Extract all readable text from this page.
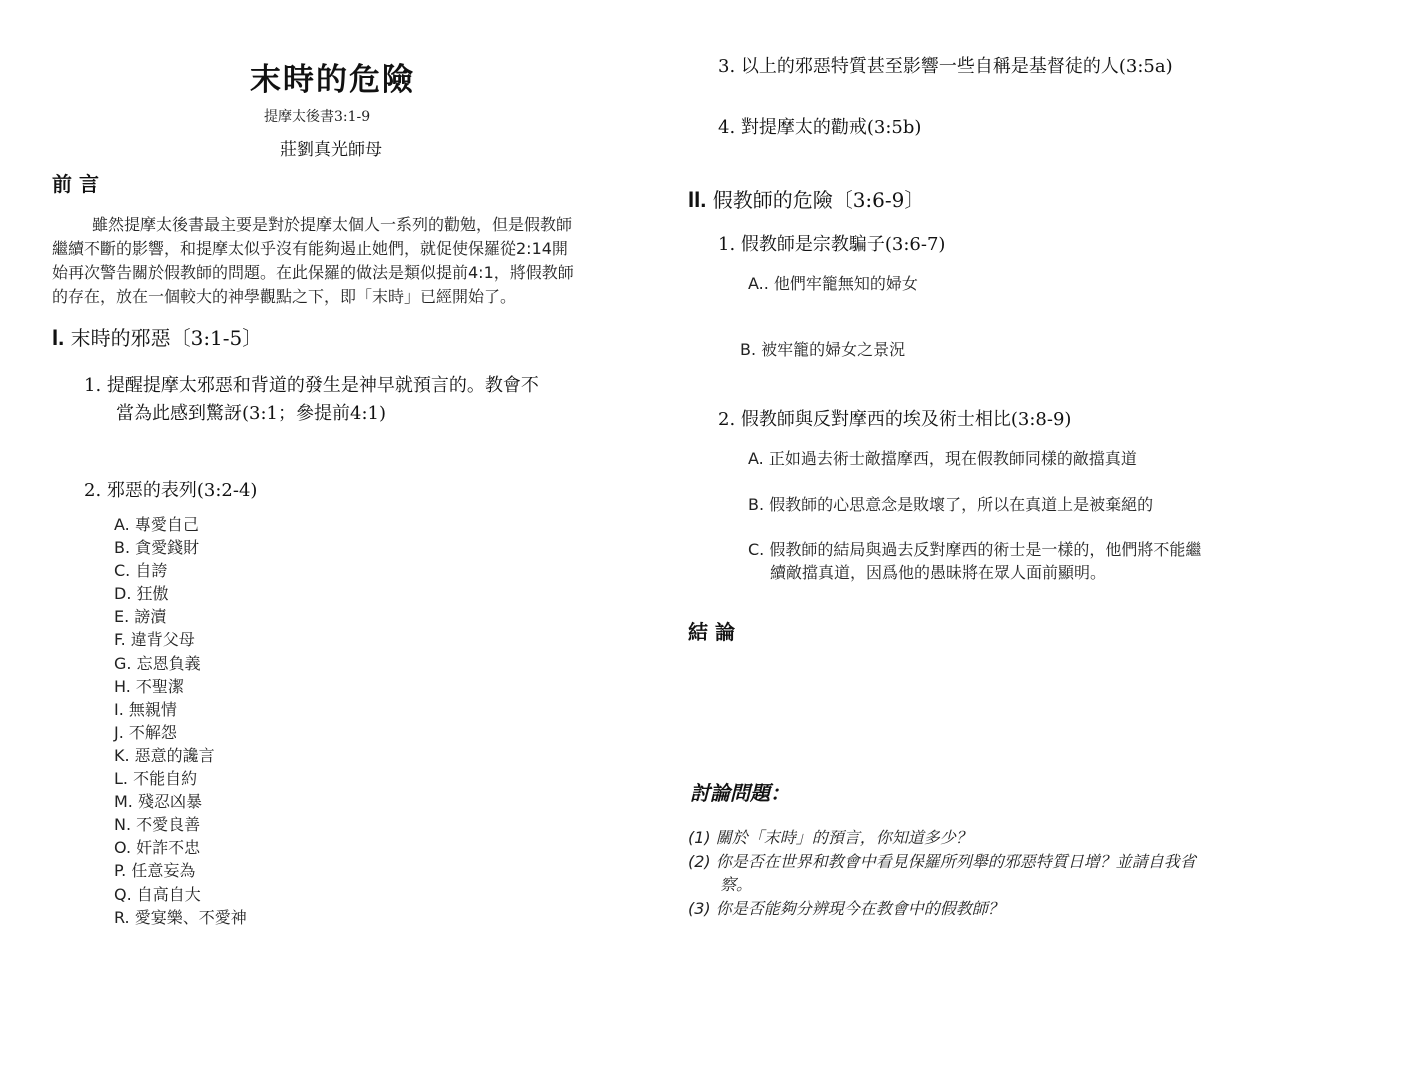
末時的危險
提摩太後書3:1-9
莊劉真光師母
前 言
雖然提摩太後書最主要是對於提摩太個人一系列的勸勉，但是假教師
繼續不斷的影響，和提摩太似乎沒有能夠遏止她們，就促使保羅從2:14開
始再次警告關於假教師的問題。在此保羅的做法是類似提前4:1，將假教師
的存在，放在一個較大的神學觀點之下，即「末時」已經開始了。
I. 末時的邪惡〔3:1-5〕
1. 提醒提摩太邪惡和背道的發生是神早就預言的。教會不
當為此感到驚訝(3:1；參提前4:1)
2. 邪惡的表列(3:2-4)
A. 專愛自己
B. 貪愛錢財
C. 自誇
D. 狂傲
E. 謗瀆
F. 違背父母
G. 忘恩負義
H. 不聖潔
I. 無親情
J. 不解怨
K. 惡意的讒言
L. 不能自約
M. 殘忍凶暴
N. 不愛良善
O. 奸詐不忠
P. 任意妄為
Q. 自高自大
R. 愛宴樂、不愛神
3. 以上的邪惡特質甚至影響一些自稱是基督徒的人(3:5a)
4. 對提摩太的勸戒(3:5b)
II. 假教師的危險〔3:6-9〕
1. 假教師是宗教騙子(3:6-7)
A.. 他們牢籠無知的婦女
B. 被牢籠的婦女之景況
2. 假教師與反對摩西的埃及術士相比(3:8-9)
A. 正如過去術士敵擋摩西，現在假教師同樣的敵擋真道
B. 假教師的心思意念是敗壞了，所以在真道上是被棄絕的
C. 假教師的結局與過去反對摩西的術士是一樣的，他們將不能繼
續敵擋真道，因爲他的愚昧將在眾人面前顯明。
結 論
討論問題：
(1) 關於「末時」的預言，你知道多少？
(2) 你是否在世界和教會中看見保羅所列舉的邪惡特質日增？並請自我省
察。
(3) 你是否能夠分辨現今在教會中的假教師？
